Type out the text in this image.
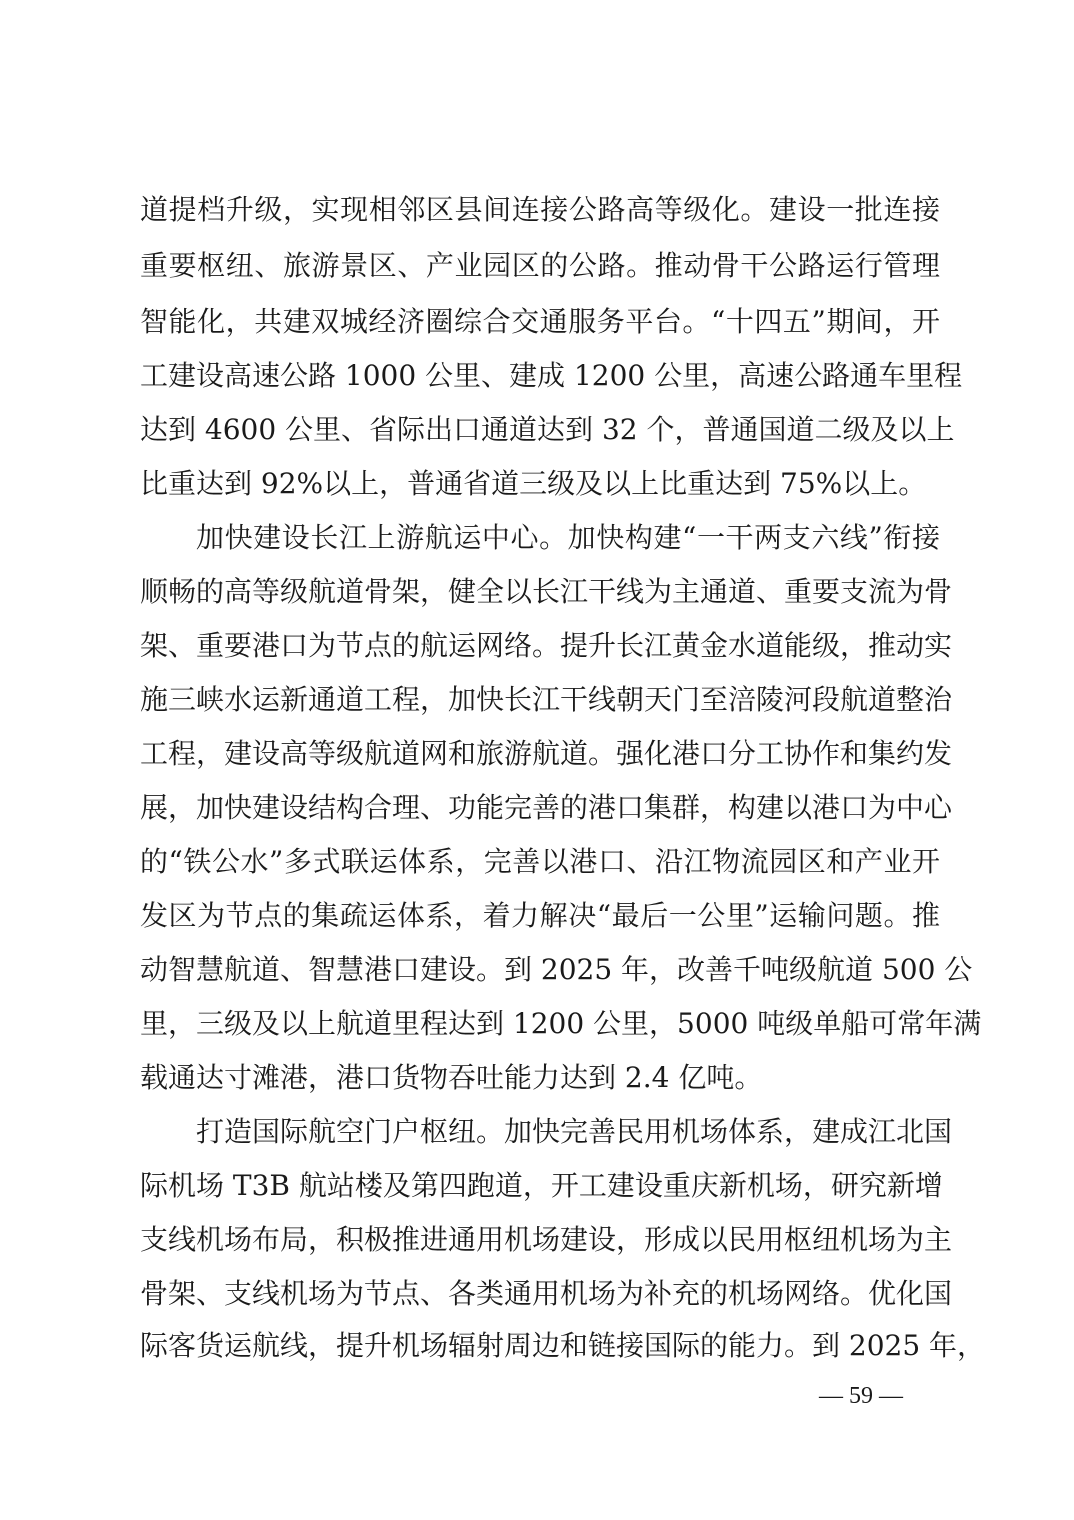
道提档升级，实现相邻区县间连接公路高等级化。建设一批连接
重要枢纽、旅游景区、产业园区的公路。推动骨干公路运行管理
智能化，共建双城经济圈综合交通服务平台。“十四五”期间，开
工建设高速公路 1000 公里、建成 1200 公里，高速公路通车里程
达到 4600 公里、省际出口通道达到 32 个，普通国道二级及以上
比重达到 92%以上，普通省道三级及以上比重达到 75%以上。
加快建设长江上游航运中心。加快构建“一干两支六线”衔接
顺畅的高等级航道骨架，健全以长江干线为主通道、重要支流为骨
架、重要港口为节点的航运网络。提升长江黄金水道能级，推动实
施三峡水运新通道工程，加快长江干线朝天门至涪陵河段航道整治
工程，建设高等级航道网和旅游航道。强化港口分工协作和集约发
展，加快建设结构合理、功能完善的港口集群，构建以港口为中心
的“铁公水”多式联运体系，完善以港口、沿江物流园区和产业开
发区为节点的集疏运体系，着力解决“最后一公里”运输问题。推
动智慧航道、智慧港口建设。到 2025 年，改善千吨级航道 500 公
里，三级及以上航道里程达到 1200 公里，5000 吨级单船可常年满
载通达寸滩港，港口货物吞吐能力达到 2.4 亿吨。
打造国际航空门户枢纽。加快完善民用机场体系，建成江北国
际机场 T3B 航站楼及第四跑道，开工建设重庆新机场，研究新增
支线机场布局，积极推进通用机场建设，形成以民用枢纽机场为主
骨架、支线机场为节点、各类通用机场为补充的机场网络。优化国
际客货运航线，提升机场辐射周边和链接国际的能力。到 2025 年，
— 59 —
